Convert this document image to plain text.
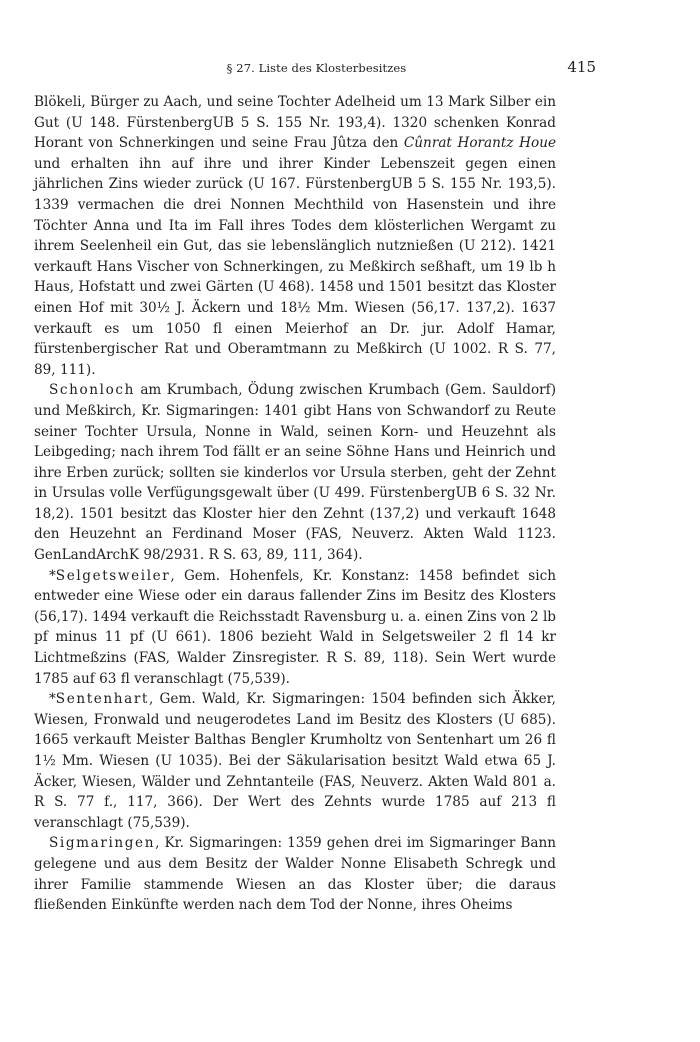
§ 27. Liste des Klosterbesitzes	415

Blökeli, Bürger zu Aach, und seine Tochter Adelheid um 13 Mark Silber ein Gut (U 148. FürstenbergUB 5 S. 155 Nr. 193,4). 1320 schenken Konrad Horant von Schnerkingen und seine Frau Jûtza den Cûnrat Horantz Houe und erhalten ihn auf ihre und ihrer Kinder Lebenszeit gegen einen jährlichen Zins wieder zurück (U 167. FürstenbergUB 5 S. 155 Nr. 193,5). 1339 vermachen die drei Nonnen Mechthild von Hasenstein und ihre Töchter Anna und Ita im Fall ihres Todes dem klösterlichen Wergamt zu ihrem Seelenheil ein Gut, das sie lebenslänglich nutznießen (U 212). 1421 verkauft Hans Vischer von Schnerkingen, zu Meßkirch seßhaft, um 19 lb h Haus, Hofstatt und zwei Gärten (U 468). 1458 und 1501 besitzt das Kloster einen Hof mit 30½ J. Äckern und 18½ Mm. Wiesen (56,17. 137,2). 1637 verkauft es um 1050 fl einen Meierhof an Dr. jur. Adolf Hamar, fürstenbergischer Rat und Oberamtmann zu Meßkirch (U 1002. R S. 77, 89, 111).

Schonloch am Krumbach, Ödung zwischen Krumbach (Gem. Sauldorf) und Meßkirch, Kr. Sigmaringen: 1401 gibt Hans von Schwandorf zu Reute seiner Tochter Ursula, Nonne in Wald, seinen Korn- und Heuzehnt als Leibgeding; nach ihrem Tod fällt er an seine Söhne Hans und Heinrich und ihre Erben zurück; sollten sie kinderlos vor Ursula sterben, geht der Zehnt in Ursulas volle Verfügungsgewalt über (U 499. FürstenbergUB 6 S. 32 Nr. 18,2). 1501 besitzt das Kloster hier den Zehnt (137,2) und verkauft 1648 den Heuzehnt an Ferdinand Moser (FAS, Neuverz. Akten Wald 1123. GenLandArchK 98/2931. R S. 63, 89, 111, 364).

*Selgetsweiler, Gem. Hohenfels, Kr. Konstanz: 1458 befindet sich entweder eine Wiese oder ein daraus fallender Zins im Besitz des Klosters (56,17). 1494 verkauft die Reichsstadt Ravensburg u. a. einen Zins von 2 lb pf minus 11 pf (U 661). 1806 bezieht Wald in Selgetsweiler 2 fl 14 kr Lichtmeßzins (FAS, Walder Zinsregister. R S. 89, 118). Sein Wert wurde 1785 auf 63 fl veranschlagt (75,539).

*Sentenhart, Gem. Wald, Kr. Sigmaringen: 1504 befinden sich Äkker, Wiesen, Fronwald und neugerodetes Land im Besitz des Klosters (U 685). 1665 verkauft Meister Balthas Bengler Krumholtz von Sentenhart um 26 fl 1½ Mm. Wiesen (U 1035). Bei der Säkularisation besitzt Wald etwa 65 J. Äcker, Wiesen, Wälder und Zehntanteile (FAS, Neuverz. Akten Wald 801 a. R S. 77 f., 117, 366). Der Wert des Zehnts wurde 1785 auf 213 fl veranschlagt (75,539).

Sigmaringen, Kr. Sigmaringen: 1359 gehen drei im Sigmaringer Bann gelegene und aus dem Besitz der Walder Nonne Elisabeth Schregk und ihrer Familie stammende Wiesen an das Kloster über; die daraus fließenden Einkünfte werden nach dem Tod der Nonne, ihres Oheims
